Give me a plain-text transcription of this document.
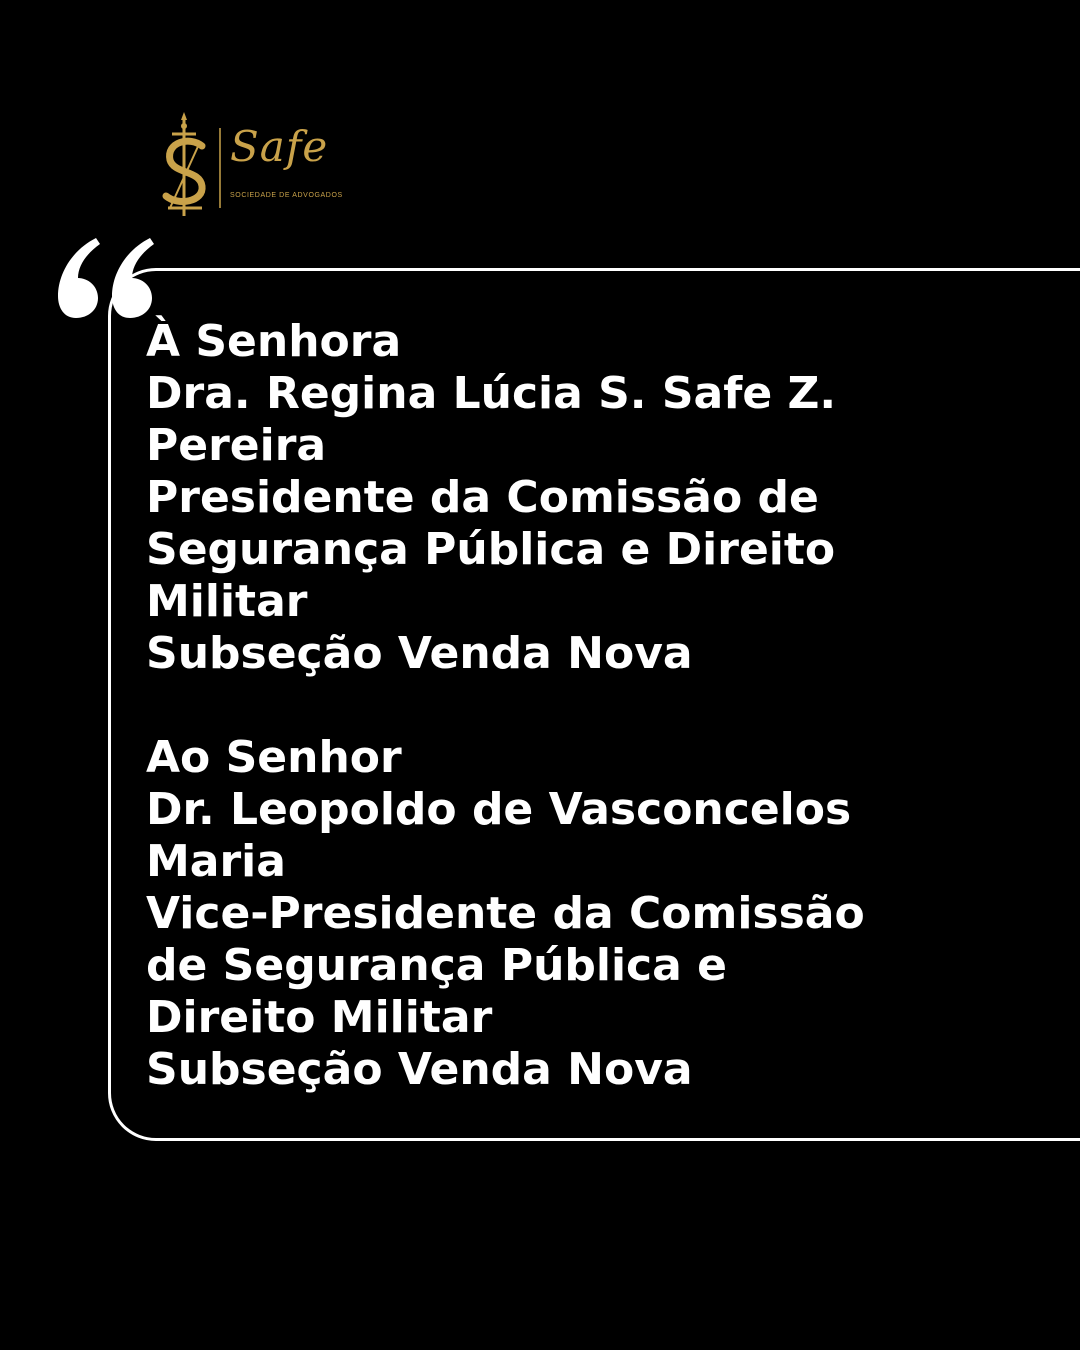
Safe
SOCIEDADE DE ADVOGADOS
À Senhora
Dra. Regina Lúcia S. Safe Z.
Pereira
Presidente da Comissão de
Segurança Pública e Direito
Militar
Subseção Venda Nova
Ao Senhor
Dr. Leopoldo de Vasconcelos
Maria
Vice-Presidente da Comissão
de Segurança Pública e
Direito Militar
Subseção Venda Nova
